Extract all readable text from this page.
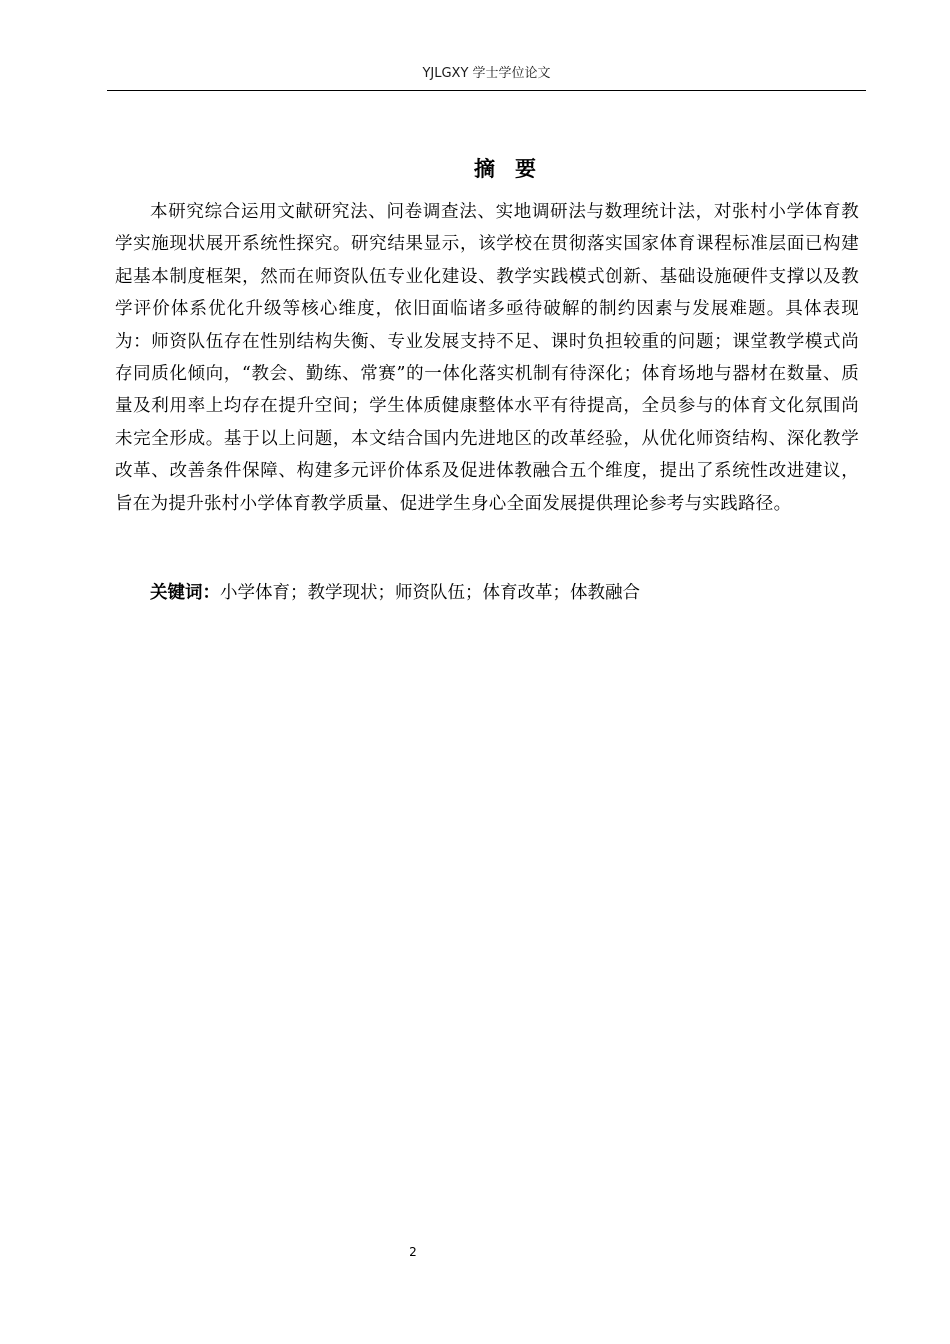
YJLGXY 学士学位论文
摘要

本研究综合运用文献研究法、问卷调查法、实地调研法与数理统计法，对张村小学体育教学实施现状展开系统性探究。研究结果显示，该学校在贯彻落实国家体育课程标准层面已构建起基本制度框架，然而在师资队伍专业化建设、教学实践模式创新、基础设施硬件支撑以及教学评价体系优化升级等核心维度，依旧面临诸多亟待破解的制约因素与发展难题。具体表现为：师资队伍存在性别结构失衡、专业发展支持不足、课时负担较重的问题；课堂教学模式尚存同质化倾向，“教会、勤练、常赛”的一体化落实机制有待深化；体育场地与器材在数量、质量及利用率上均存在提升空间；学生体质健康整体水平有待提高，全员参与的体育文化氛围尚未完全形成。基于以上问题，本文结合国内先进地区的改革经验，从优化师资结构、深化教学改革、改善条件保障、构建多元评价体系及促进体教融合五个维度，提出了系统性改进建议，旨在为提升张村小学体育教学质量、促进学生身心全面发展提供理论参考与实践路径。

关键词：小学体育；教学现状；师资队伍；体育改革；体教融合
2
